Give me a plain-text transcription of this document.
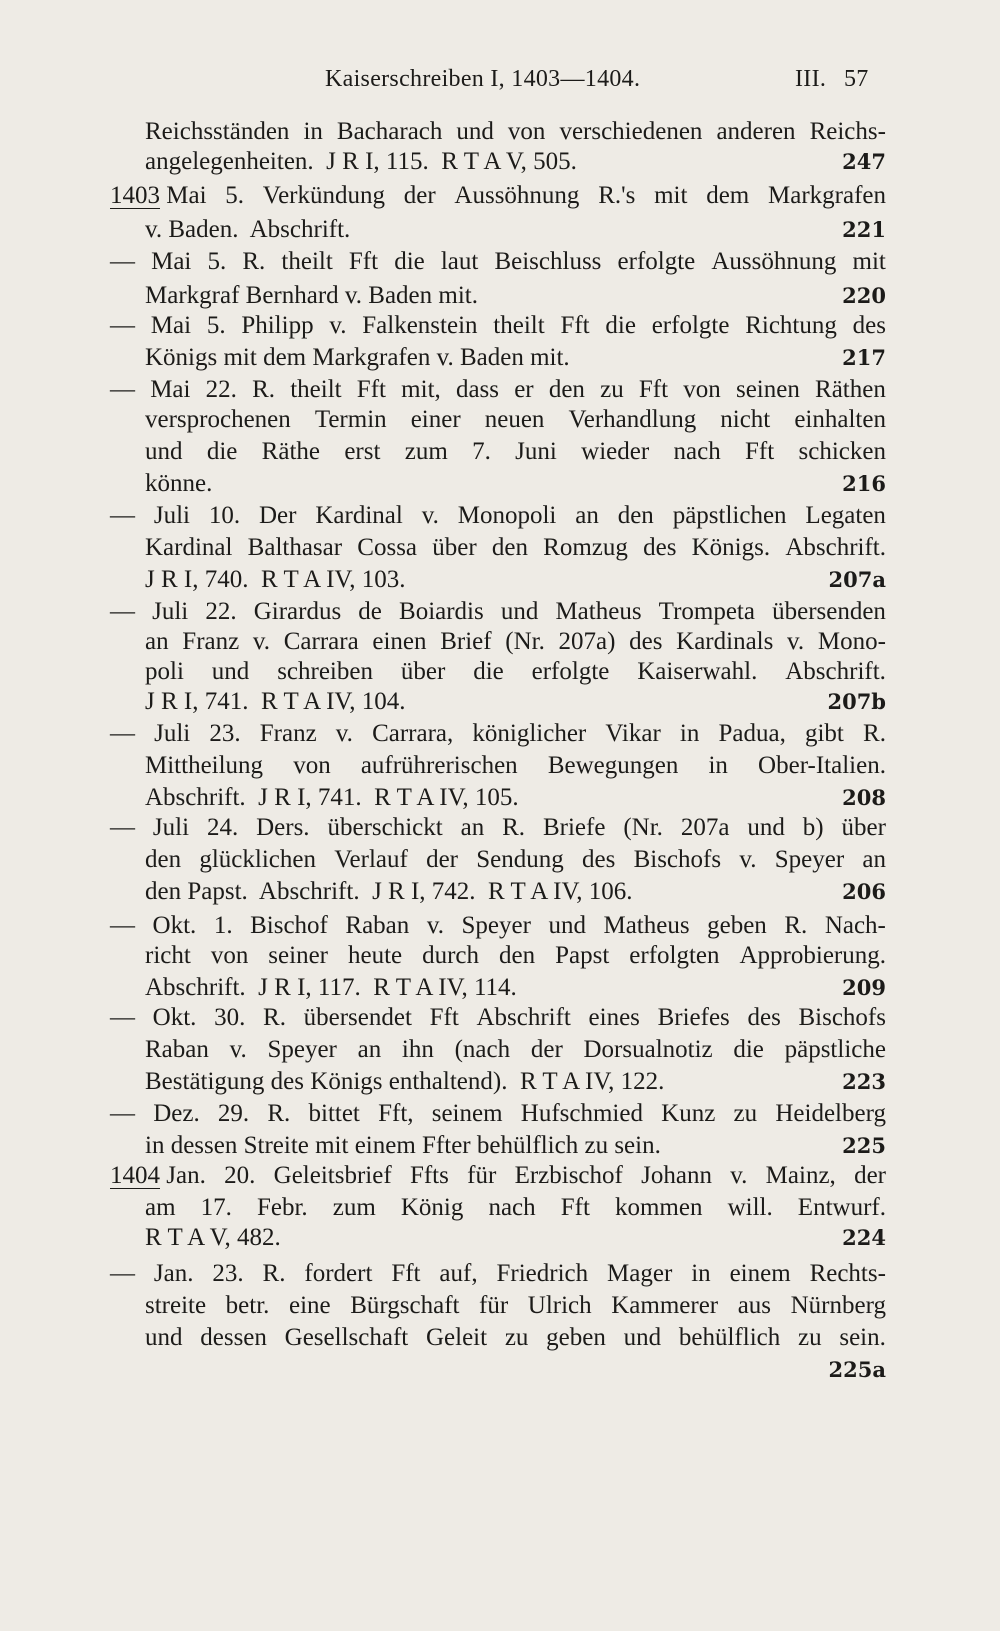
Kaiserschreiben I, 1403—1404.	III. 57
Reichsständen in Bacharach und von verschiedenen anderen Reichs-
angelegenheiten.  J R I, 115.  R T A V, 505.	247
1403 Mai 5. Verkündung der Aussöhnung R.'s mit dem Markgrafen
v. Baden.  Abschrift.	221
— Mai 5. R. theilt Fft die laut Beischluss erfolgte Aussöhnung mit
Markgraf Bernhard v. Baden mit.	220
— Mai 5. Philipp v. Falkenstein theilt Fft die erfolgte Richtung des
Königs mit dem Markgrafen v. Baden mit.	217
— Mai 22. R. theilt Fft mit, dass er den zu Fft von seinen Räthen
versprochenen Termin einer neuen Verhandlung nicht einhalten
und die Räthe erst zum 7. Juni wieder nach Fft schicken
könne.	216
— Juli 10. Der Kardinal v. Monopoli an den päpstlichen Legaten
Kardinal Balthasar Cossa über den Romzug des Königs. Abschrift.
J R I, 740.  R T A IV, 103.	207a
— Juli 22. Girardus de Boiardis und Matheus Trompeta übersenden
an Franz v. Carrara einen Brief (Nr. 207a) des Kardinals v. Mono-
poli und schreiben über die erfolgte Kaiserwahl. Abschrift.
J R I, 741.  R T A IV, 104.	207b
— Juli 23. Franz v. Carrara, königlicher Vikar in Padua, gibt R.
Mittheilung von aufrührerischen Bewegungen in Ober-Italien.
Abschrift.  J R I, 741.  R T A IV, 105.	208
— Juli 24. Ders. überschickt an R. Briefe (Nr. 207a und b) über
den glücklichen Verlauf der Sendung des Bischofs v. Speyer an
den Papst.  Abschrift.  J R I, 742.  R T A IV, 106.	206
— Okt. 1. Bischof Raban v. Speyer und Matheus geben R. Nach-
richt von seiner heute durch den Papst erfolgten Approbierung.
Abschrift.  J R I, 117.  R T A IV, 114.	209
— Okt. 30. R. übersendet Fft Abschrift eines Briefes des Bischofs
Raban v. Speyer an ihn (nach der Dorsualnotiz die päpstliche
Bestätigung des Königs enthaltend).  R T A IV, 122.	223
— Dez. 29. R. bittet Fft, seinem Hufschmied Kunz zu Heidelberg
in dessen Streite mit einem Ffter behülflich zu sein.	225
1404 Jan. 20. Geleitsbrief Ffts für Erzbischof Johann v. Mainz, der
am 17. Febr. zum König nach Fft kommen will. Entwurf.
R T A V, 482.	224
— Jan. 23. R. fordert Fft auf, Friedrich Mager in einem Rechts-
streite betr. eine Bürgschaft für Ulrich Kammerer aus Nürnberg
und dessen Gesellschaft Geleit zu geben und behülflich zu sein.
225a
